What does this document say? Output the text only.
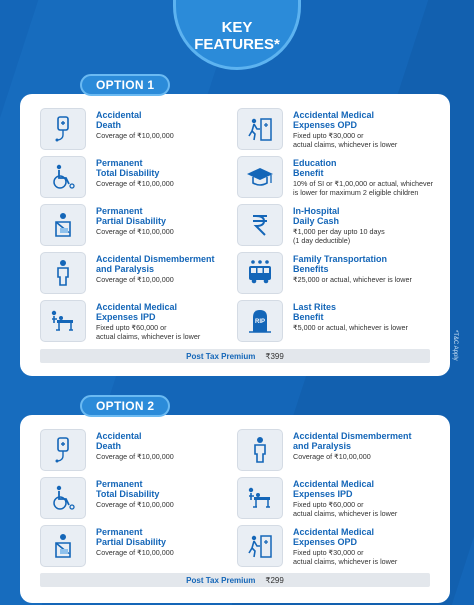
KEY
FEATURES*
OPTION 1
Post Tax Premium ₹399
Accidental
Death
Coverage of ₹10,00,000
Accidental Medical
Expenses OPD
Fixed upto ₹30,000 or
actual claims, whichever is lower
Permanent
Total Disability
Coverage of ₹10,00,000
Education
Benefit
10% of SI or ₹1,00,000 or actual, whichever
is lower for maximum 2 eligible children
Permanent
Partial Disability
Coverage of ₹10,00,000
In-Hospital
Daily Cash
₹1,000 per day upto 10 days
(1 day deductible)
Accidental Dismemberment
and Paralysis
Coverage of ₹10,00,000
Family Transportation
Benefits
₹25,000 or actual, whichever is lower
Accidental Medical
Expenses IPD
Fixed upto ₹60,000 or
actual claims, whichever is lower
RIP
Last Rites
Benefit
₹5,000 or actual, whichever is lower
OPTION 2
Post Tax Premium ₹299
Accidental
Death
Coverage of ₹10,00,000
Accidental Dismemberment
and Paralysis
Coverage of ₹10,00,000
Permanent
Total Disability
Coverage of ₹10,00,000
Accidental Medical
Expenses IPD
Fixed upto ₹60,000 or
actual claims, whichever is lower
Permanent
Partial Disability
Coverage of ₹10,00,000
Accidental Medical
Expenses OPD
Fixed upto ₹30,000 or
actual claims, whichever is lower
*T&C Apply
